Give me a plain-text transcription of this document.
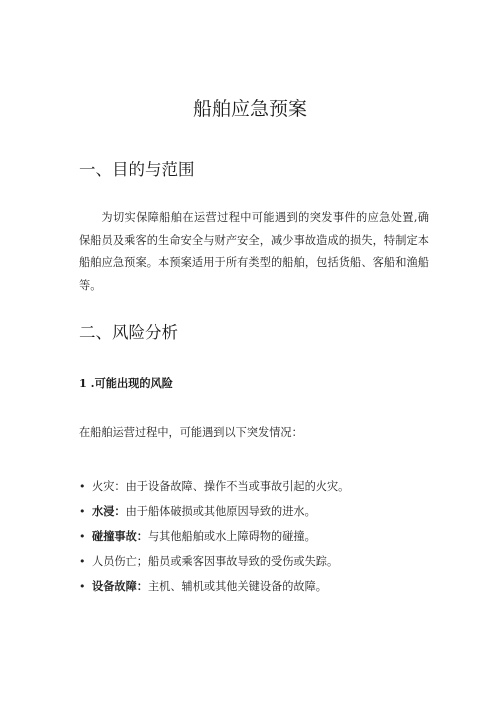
船舶应急预案
一、目的与范围

为切实保障船舶在运营过程中可能遇到的突发事件的应急处置,确保船员及乘客的生命安全与财产安全，减少事故造成的损失，特制定本船舶应急预案。本预案适用于所有类型的船舶，包括货船、客船和渔船等。

二、风险分析
1 .可能出现的风险
在船舶运营过程中，可能遇到以下突发情况：
• 火灾：由于设备故障、操作不当或事故引起的火灾。
• 水浸：由于船体破损或其他原因导致的进水。
• 碰撞事故：与其他船舶或水上障碍物的碰撞。
• 人员伤亡；船员或乘客因事故导致的受伤或失踪。
• 设备故障：主机、辅机或其他关键设备的故障。
